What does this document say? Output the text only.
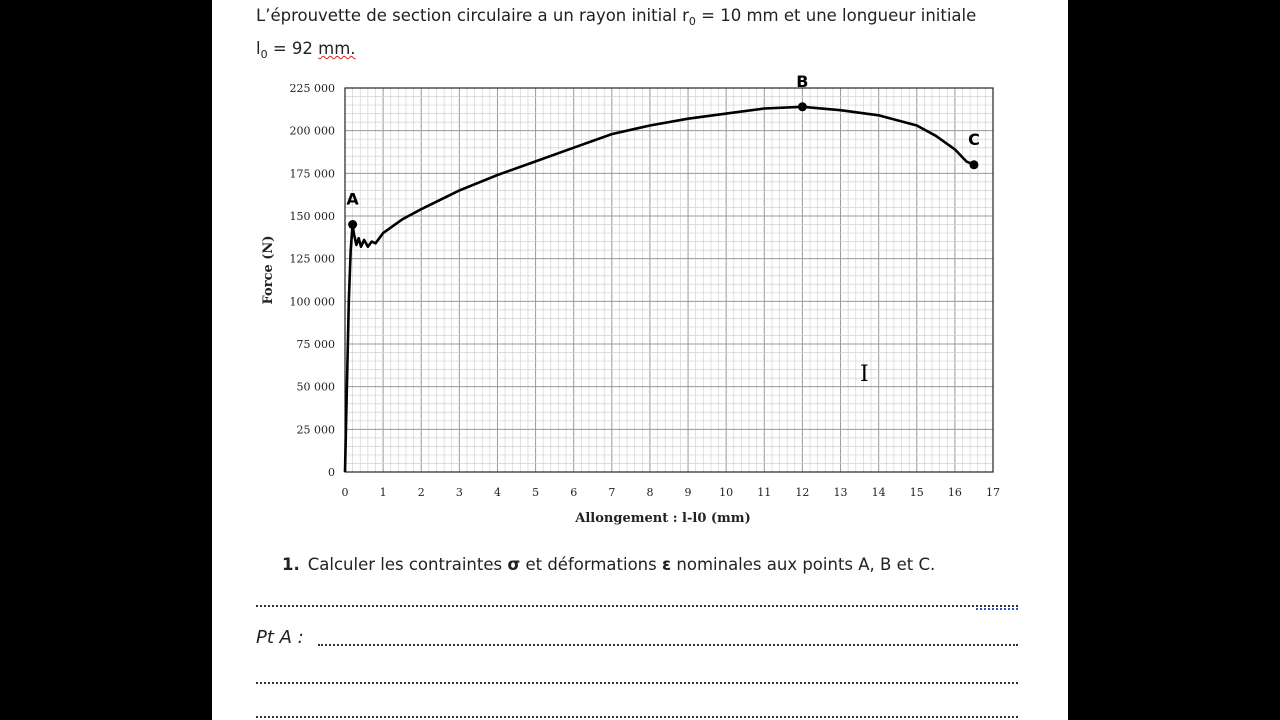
L’éprouvette de section circulaire a un rayon initial $r_0 = 10$ mm et une longueur initiale
$l_0 = 92$ mm.
0	1	2	3	4	5	6	7	8	9	10 11 12 13 14 15 16 17
0
25 000
50 000
75 000
100 000
125 000
150 000
175 000
200 000
225 000
Allongement : l-l0 (mm)
Force (N)
A
B
C
I
1. Calculer les contraintes σ et déformations ε nominales aux points A, B et C.
Pt A :
